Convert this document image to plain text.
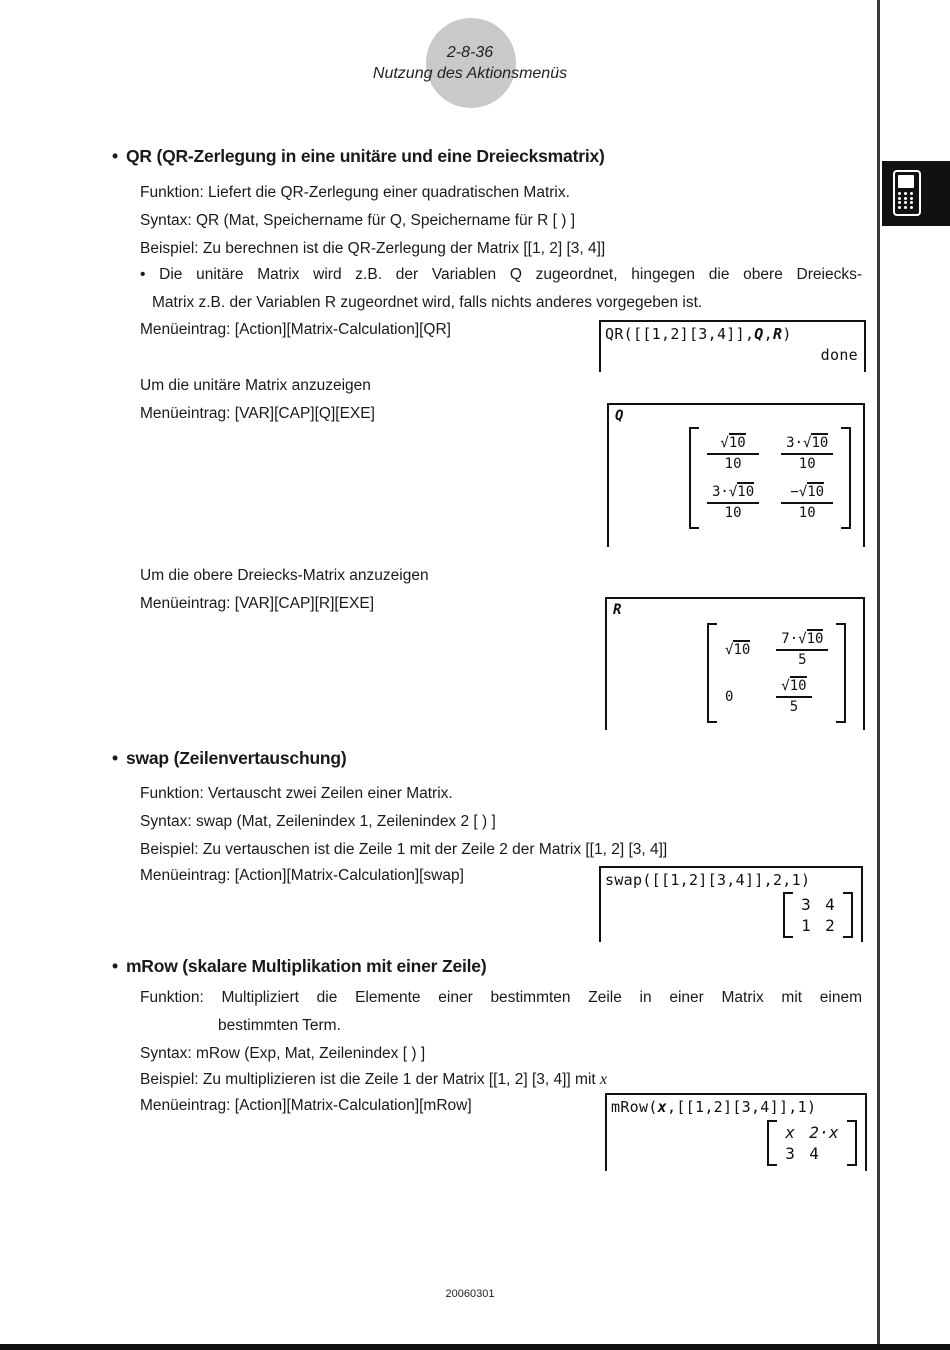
2-8-36
Nutzung des Aktionsmenüs
• QR (QR-Zerlegung in eine unitäre und eine Dreiecksmatrix)
Funktion: Liefert die QR-Zerlegung einer quadratischen Matrix.
Syntax: QR (Mat, Speichername für Q, Speichername für R [ ) ]
Beispiel: Zu berechnen ist die QR-Zerlegung der Matrix [[1, 2] [3, 4]]
• Die unitäre Matrix wird z.B. der Variablen Q zugeordnet, hingegen die obere Dreiecks-
Matrix z.B. der Variablen R zugeordnet wird, falls nichts anderes vorgegeben ist.
Menüeintrag: [Action][Matrix-Calculation][QR]	QR([[1,2][3,4]],Q,R)
done
Um die unitäre Matrix anzuzeigen
Menüeintrag: [VAR][CAP][Q][EXE]	Q
$\frac{√10}{10} \frac{3\cdot√10}{10}$
$\frac{3\cdot√10}{10} \frac{-√10}{10}$
Um die obere Dreiecks-Matrix anzuzeigen
Menüeintrag: [VAR][CAP][R][EXE]	R
$√10 \frac{7\cdot√10}{5}$
0	$\frac{√10}{5}$
• swap (Zeilenvertauschung)
Funktion: Vertauscht zwei Zeilen einer Matrix.
Syntax: swap (Mat, Zeilenindex 1, Zeilenindex 2 [ ) ]
Beispiel: Zu vertauschen ist die Zeile 1 mit der Zeile 2 der Matrix [[1, 2] [3, 4]]
Menüeintrag: [Action][Matrix-Calculation][swap]	swap([[1,2][3,4]],2,1)
3 4
1 2
• mRow (skalare Multiplikation mit einer Zeile)
Funktion: Multipliziert die Elemente einer bestimmten Zeile in einer Matrix mit einem
bestimmten Term.
Syntax: mRow (Exp, Mat, Zeilenindex [ ) ]
Beispiel: Zu multiplizieren ist die Zeile 1 der Matrix [[1, 2] [3, 4]] mit x
Menüeintrag: [Action][Matrix-Calculation][mRow]	mRow(x,[[1,2][3,4]],1)
x 2·x
3 4
20060301
